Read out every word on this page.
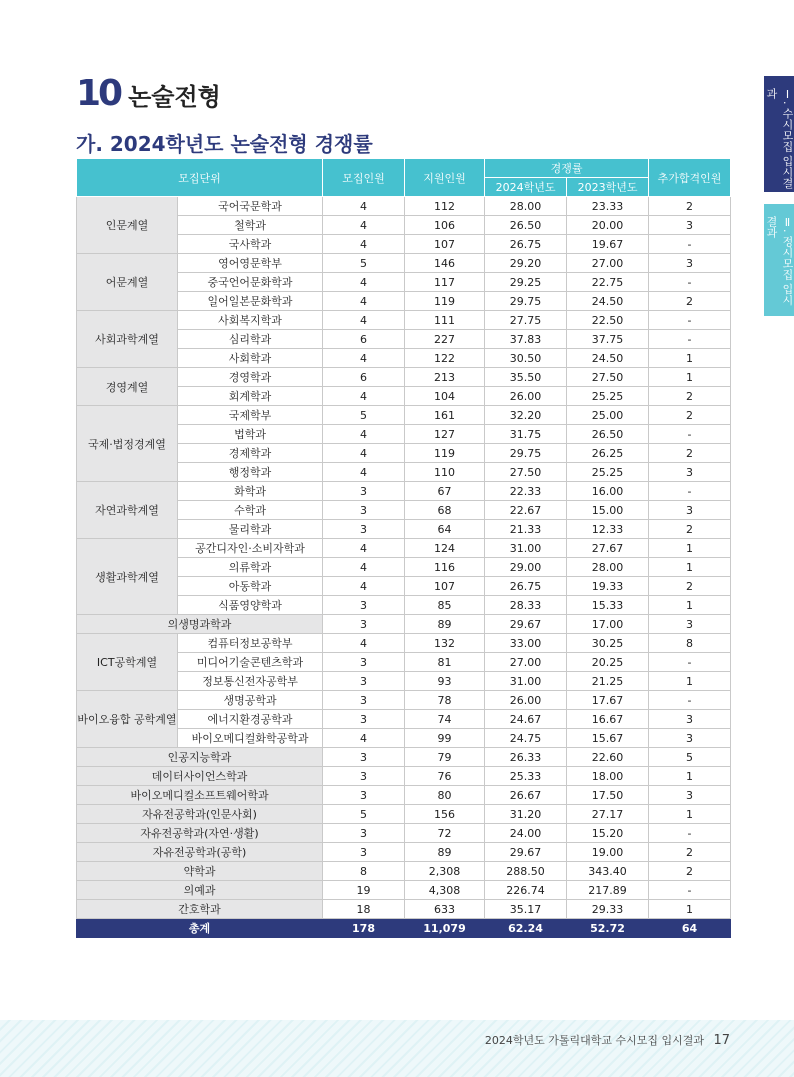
10 논술전형
가. 2024학년도 논술전형 경쟁률	Ⅰ. 수시모집 입시결과
Ⅱ. 정시모집 입시결과
모집단위		모집인원	지원인원	경쟁률		추가합격인원
				2024학년도	2023학년도	
인문계열	국어국문학과	4	112	28.00	23.33	2
	철학과	4	106	26.50	20.00	3
	국사학과	4	107	26.75	19.67	-
어문계열	영어영문학부	5	146	29.20	27.00	3
	중국언어문화학과	4	117	29.25	22.75	-
	일어일본문화학과	4	119	29.75	24.50	2
사회과학계열	사회복지학과	4	111	27.75	22.50	-
	심리학과	6	227	37.83	37.75	-
	사회학과	4	122	30.50	24.50	1
경영계열	경영학과	6	213	35.50	27.50	1
	회계학과	4	104	26.00	25.25	2
국제·법정경계열	국제학부	5	161	32.20	25.00	2
	법학과	4	127	31.75	26.50	-
	경제학과	4	119	29.75	26.25	2
	행정학과	4	110	27.50	25.25	3
자연과학계열	화학과	3	67	22.33	16.00	-
	수학과	3	68	22.67	15.00	3
	물리학과	3	64	21.33	12.33	2
생활과학계열	공간디자인·소비자학과	4	124	31.00	27.67	1
	의류학과	4	116	29.00	28.00	1
	아동학과	4	107	26.75	19.33	2
	식품영양학과	3	85	28.33	15.33	1
의생명과학과		3	89	29.67	17.00	3
ICT공학계열	컴퓨터정보공학부	4	132	33.00	30.25	8
	미디어기술콘텐츠학과	3	81	27.00	20.25	-
	정보통신전자공학부	3	93	31.00	21.25	1
바이오융합 공학계열	생명공학과	3	78	26.00	17.67	-
	에너지환경공학과	3	74	24.67	16.67	3
	바이오메디컬화학공학과	4	99	24.75	15.67	3
인공지능학과		3	79	26.33	22.60	5
데이터사이언스학과		3	76	25.33	18.00	1
바이오메디컬소프트웨어학과		3	80	26.67	17.50	3
자유전공학과(인문사회)		5	156	31.20	27.17	1
자유전공학과(자연·생활)		3	72	24.00	15.20	-
자유전공학과(공학)		3	89	29.67	19.00	2
약학과		8	2,308	288.50	343.40	2
의예과		19	4,308	226.74	217.89	-
간호학과		18	633	35.17	29.33	1
총계		178	11,079	62.24	52.72	64
2024학년도 가톨릭대학교 수시모집 입시결과 17
